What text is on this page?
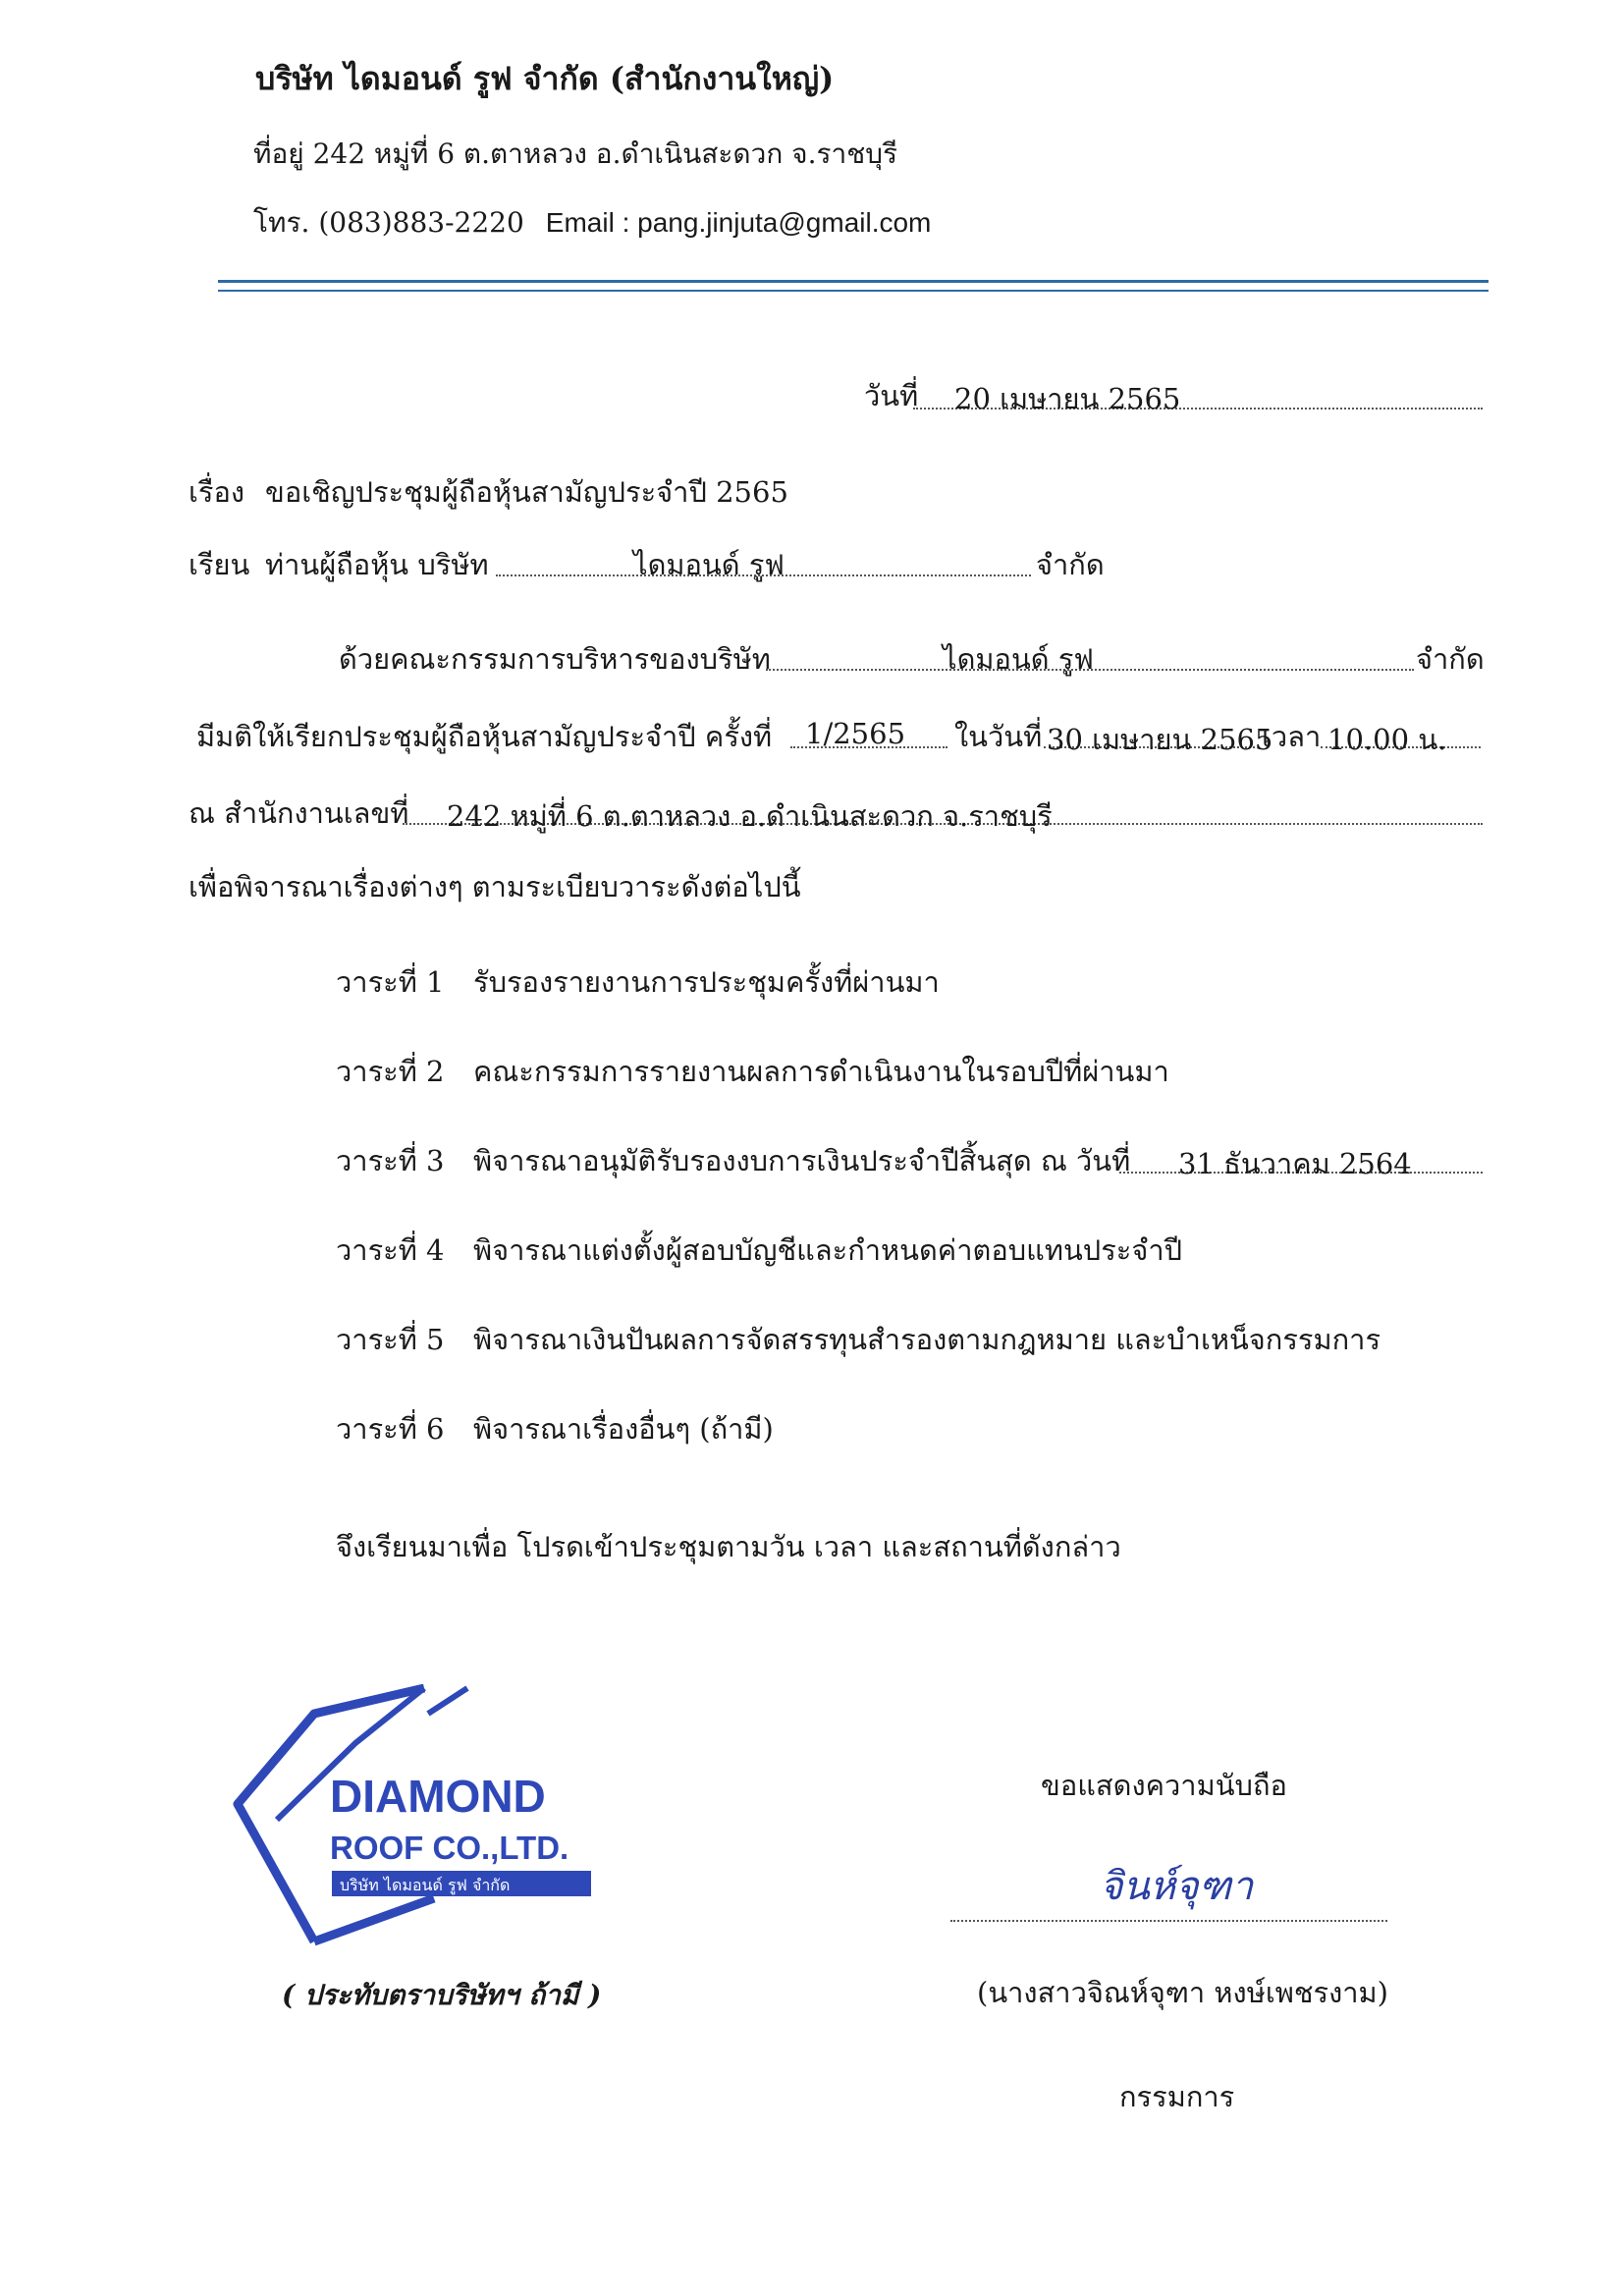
บริษัท ไดมอนด์ รูฟ จำกัด (สำนักงานใหญ่)
ที่อยู่ 242 หมู่ที่ 6 ต.ตาหลวง อ.ดำเนินสะดวก จ.ราชบุรี
โทร. (083)883-2220 Email : pang.jinjuta@gmail.com
วันที่ 20 เมษายน 2565
เรื่อง ขอเชิญประชุมผู้ถือหุ้นสามัญประจำปี 2565
เรียน ท่านผู้ถือหุ้น บริษัท	ไดมอนด์ รูฟ	จำกัด
ด้วยคณะกรรมการบริหารของบริษัท	ไดมอนด์ รูฟ	จำกัด
มีมติให้เรียกประชุมผู้ถือหุ้นสามัญประจำปี ครั้งที่ 1/2565 ในวันที่ 30 เมษายน 2565
เวลา 10.00 น.
ณ สำนักงานเลขที่ 242 หมู่ที่ 6 ต.ตาหลวง อ.ดำเนินสะดวก จ.ราชบุรี
เพื่อพิจารณาเรื่องต่างๆ ตามระเบียบวาระดังต่อไปนี้
วาระที่ 1 รับรองรายงานการประชุมครั้งที่ผ่านมา
วาระที่ 2 คณะกรรมการรายงานผลการดำเนินงานในรอบปีที่ผ่านมา
วาระที่ 3 พิจารณาอนุมัติรับรองงบการเงินประจำปีสิ้นสุด ณ วันที่ 31 ธันวาคม 2564
วาระที่ 4 พิจารณาแต่งตั้งผู้สอบบัญชีและกำหนดค่าตอบแทนประจำปี
วาระที่ 5 พิจารณาเงินปันผลการจัดสรรทุนสำรองตามกฎหมาย และบำเหน็จกรรมการ
วาระที่ 6 พิจารณาเรื่องอื่นๆ (ถ้ามี)
จึงเรียนมาเพื่อ โปรดเข้าประชุมตามวัน เวลา และสถานที่ดังกล่าว
DIAMOND
ROOF CO.,LTD.
บริษัท ไดมอนด์ รูฟ จำกัด
( ประทับตราบริษัทฯ ถ้ามี )
ขอแสดงความนับถือ
จินห์จุฑา
(นางสาวจิณห์จุฑา หงษ์เพชรงาม)
กรรมการ
